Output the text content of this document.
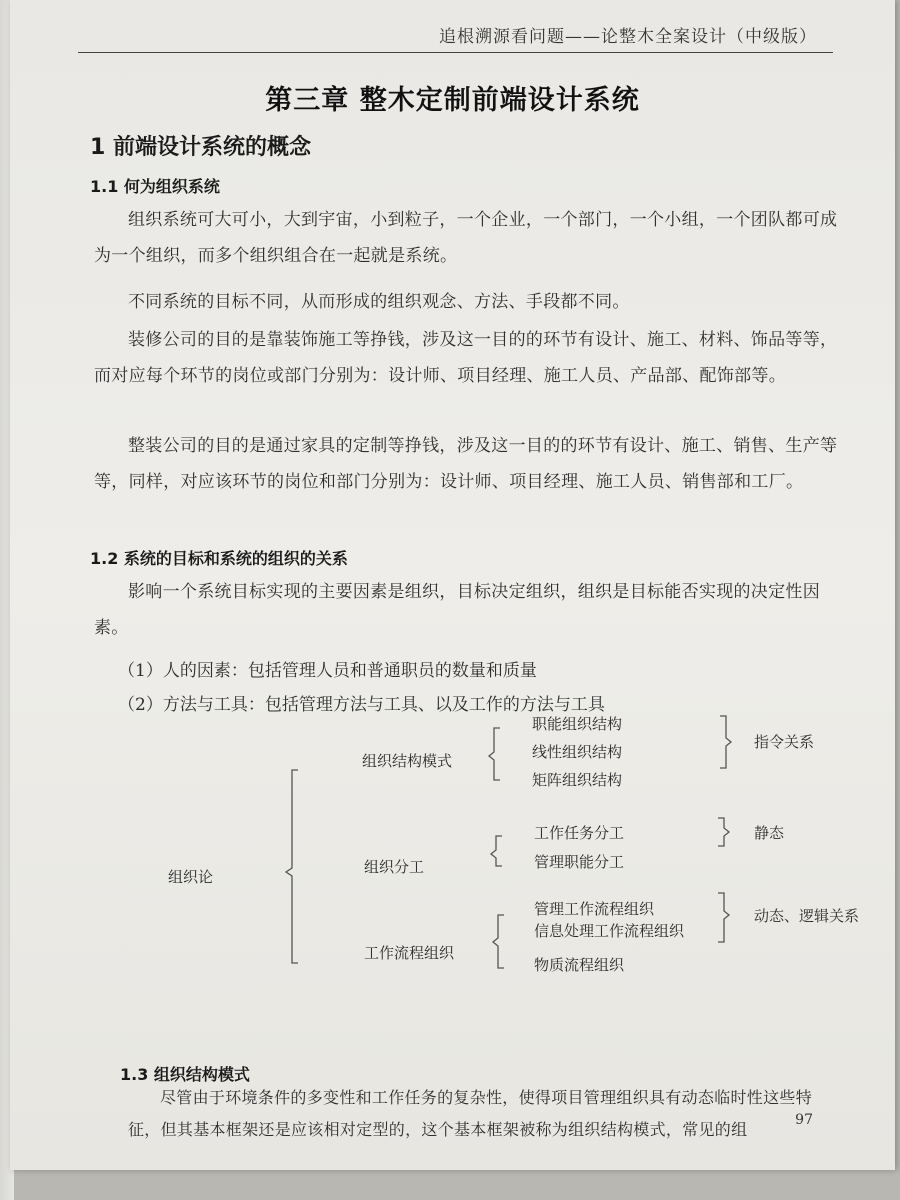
追根溯源看问题——论整木全案设计（中级版）
第三章 整木定制前端设计系统
1 前端设计系统的概念
1.1 何为组织系统
组织系统可大可小，大到宇宙，小到粒子，一个企业，一个部门，一个小组，一个团队都可成为一个组织，而多个组织组合在一起就是系统。
不同系统的目标不同，从而形成的组织观念、方法、手段都不同。
装修公司的目的是靠装饰施工等挣钱，涉及这一目的的环节有设计、施工、材料、饰品等等，而对应每个环节的岗位或部门分别为：设计师、项目经理、施工人员、产品部、配饰部等。
整装公司的目的是通过家具的定制等挣钱，涉及这一目的的环节有设计、施工、销售、生产等等，同样，对应该环节的岗位和部门分别为：设计师、项目经理、施工人员、销售部和工厂。
1.2 系统的目标和系统的组织的关系
影响一个系统目标实现的主要因素是组织，目标决定组织，组织是目标能否实现的决定性因素。
（1）人的因素：包括管理人员和普通职员的数量和质量
（2）方法与工具：包括管理方法与工具、以及工作的方法与工具
组织论
组织结构模式
职能组织结构
线性组织结构
矩阵组织结构
指令关系
组织分工
工作任务分工
管理职能分工
静态
工作流程组织
管理工作流程组织
信息处理工作流程组织
物质流程组织
动态、逻辑关系
1.3 组织结构模式
尽管由于环境条件的多变性和工作任务的复杂性，使得项目管理组织具有动态临时性这些特征，但其基本框架还是应该相对定型的，这个基本框架被称为组织结构模式，常见的组	97
